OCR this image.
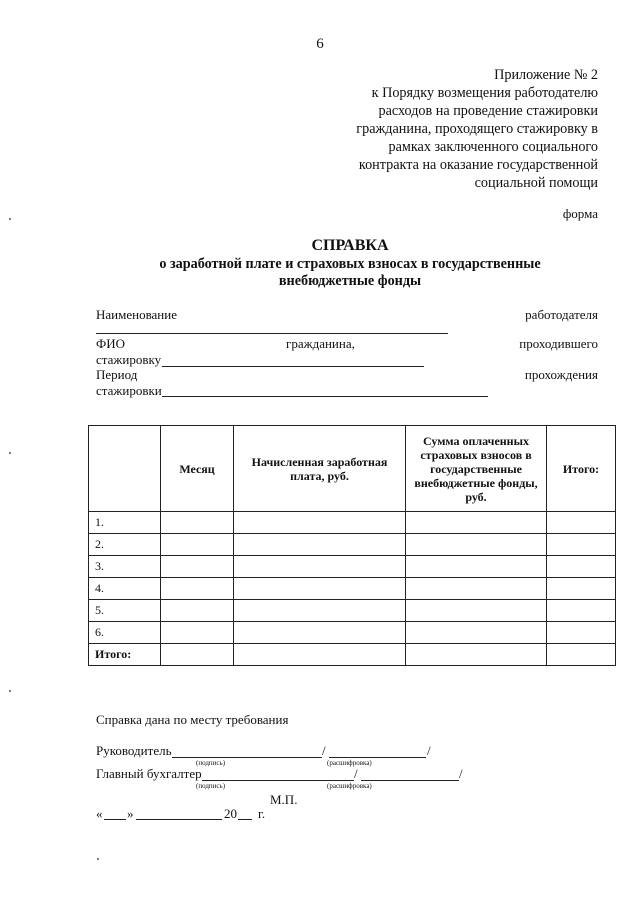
6
Приложение № 2
к Порядку возмещения работодателю
расходов на проведение стажировки
гражданина, проходящего стажировку в
рамках заключенного социального
контракта на оказание государственной
социальной помощи
форма
СПРАВКА
о заработной плате и страховых взносах в государственные
внебюджетные фонды
Наименование	работодателя
ФИО	гражданина,	проходившего
стажировку
Период	прохождения
стажировки
	Месяц	Начисленная заработная плата, руб.	Сумма оплаченных страховых взносов в государственные внебюджетные фонды, руб.	Итого:
1.				
2.				
3.				
4.				
5.				
6.				
Итого:				
Справка дана по месту требования
Руководитель	/	/
(подпись)	(расшифровка)
Главный бухгалтер	/	/
(подпись)	(расшифровка)
М.П.
« »	20 г.
